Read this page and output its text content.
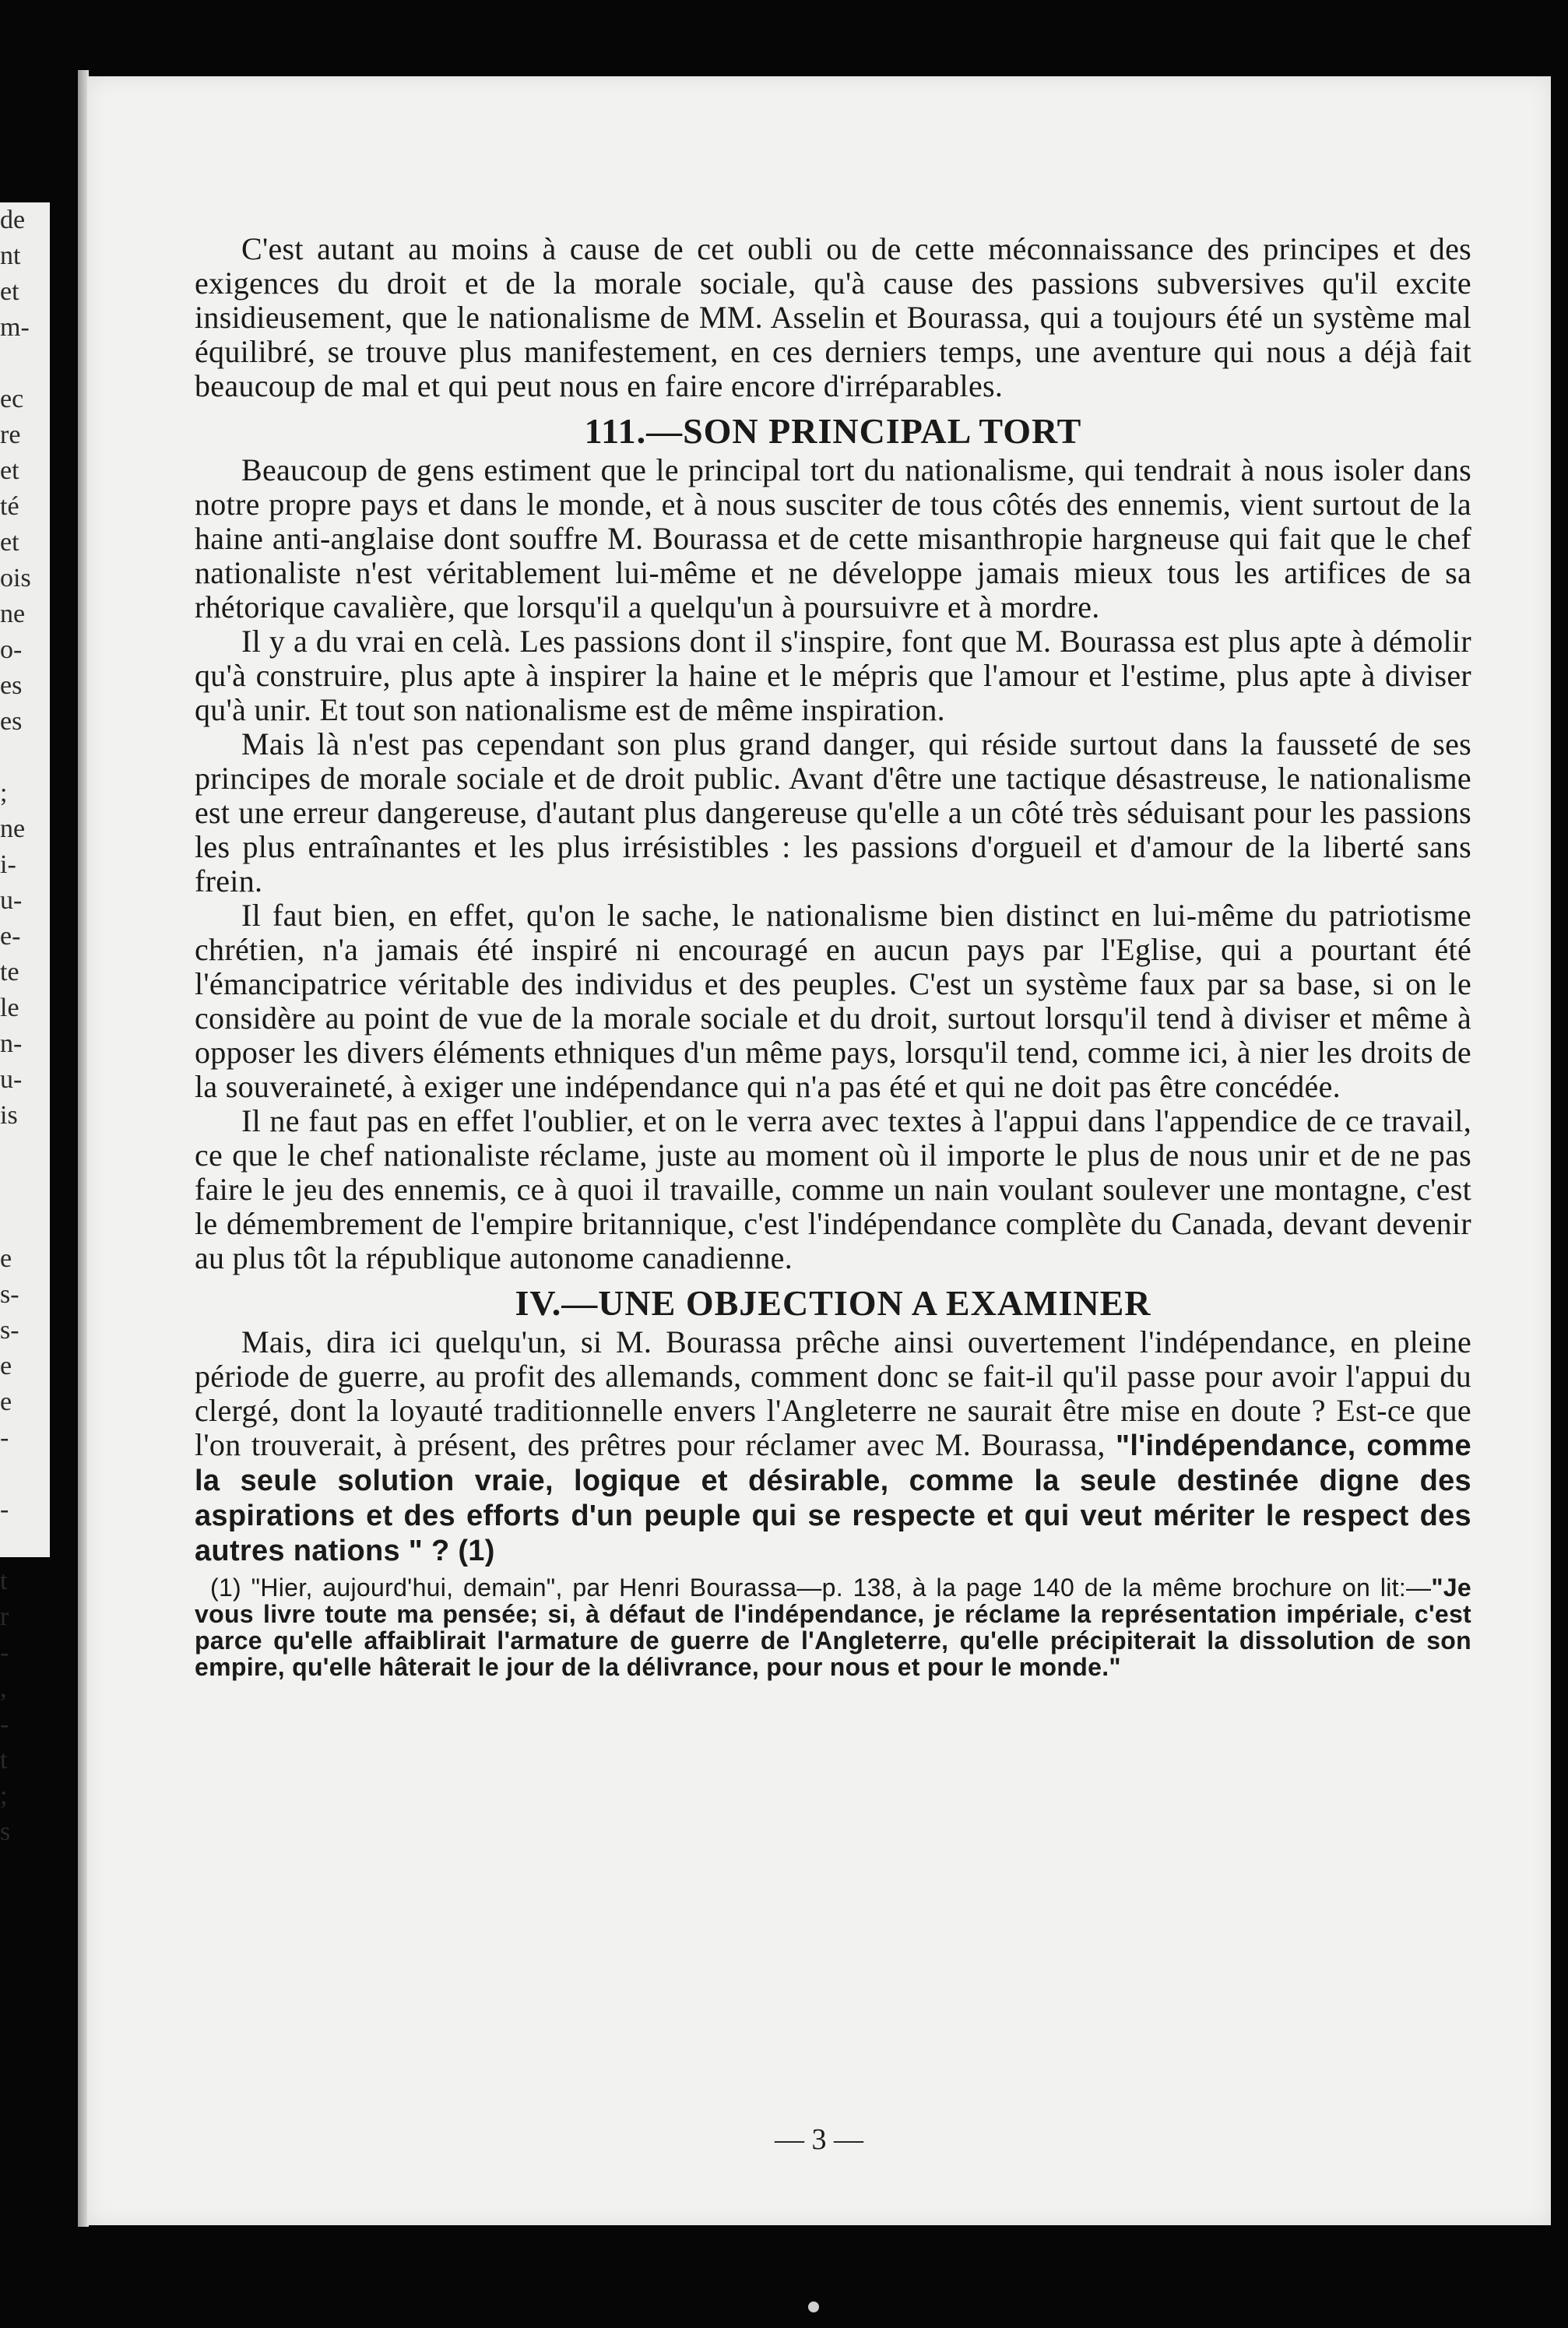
de
nt
et
m-
ec
re
et
té
et
ois
ne
o-
es
es
;
ne
i-
u-
e-
te
le
n-
u-
is
e
s-
s-
e
e
-
-
t
r
-
,
-
t
;
s

C'est autant au moins à cause de cet oubli ou de cette méconnaissance des principes et des exigences du droit et de la morale sociale, qu'à cause des passions subversives qu'il excite insidieusement, que le nationalisme de MM. Asselin et Bourassa, qui a toujours été un système mal équilibré, se trouve plus manifestement, en ces derniers temps, une aventure qui nous a déjà fait beaucoup de mal et qui peut nous en faire encore d'irréparables.

111.—SON PRINCIPAL TORT

Beaucoup de gens estiment que le principal tort du nationalisme, qui tendrait à nous isoler dans notre propre pays et dans le monde, et à nous susciter de tous côtés des ennemis, vient surtout de la haine anti-anglaise dont souffre M. Bourassa et de cette misanthropie hargneuse qui fait que le chef nationaliste n'est véritablement lui-même et ne développe jamais mieux tous les artifices de sa rhétorique cavalière, que lorsqu'il a quelqu'un à poursuivre et à mordre.

Il y a du vrai en celà. Les passions dont il s'inspire, font que M. Bourassa est plus apte à démolir qu'à construire, plus apte à inspirer la haine et le mépris que l'amour et l'estime, plus apte à diviser qu'à unir. Et tout son nationalisme est de même inspiration.

Mais là n'est pas cependant son plus grand danger, qui réside surtout dans la fausseté de ses principes de morale sociale et de droit public. Avant d'être une tactique désastreuse, le nationalisme est une erreur dangereuse, d'autant plus dangereuse qu'elle a un côté très séduisant pour les passions les plus entraînantes et les plus irrésistibles : les passions d'orgueil et d'amour de la liberté sans frein.

Il faut bien, en effet, qu'on le sache, le nationalisme bien distinct en lui-même du patriotisme chrétien, n'a jamais été inspiré ni encouragé en aucun pays par l'Eglise, qui a pourtant été l'émancipatrice véritable des individus et des peuples. C'est un système faux par sa base, si on le considère au point de vue de la morale sociale et du droit, surtout lorsqu'il tend à diviser et même à opposer les divers éléments ethniques d'un même pays, lorsqu'il tend, comme ici, à nier les droits de la souveraineté, à exiger une indépendance qui n'a pas été et qui ne doit pas être concédée.

Il ne faut pas en effet l'oublier, et on le verra avec textes à l'appui dans l'appendice de ce travail, ce que le chef nationaliste réclame, juste au moment où il importe le plus de nous unir et de ne pas faire le jeu des ennemis, ce à quoi il travaille, comme un nain voulant soulever une montagne, c'est le démembrement de l'empire britannique, c'est l'indépendance complète du Canada, devant devenir au plus tôt la république autonome canadienne.

IV.—UNE OBJECTION A EXAMINER

Mais, dira ici quelqu'un, si M. Bourassa prêche ainsi ouvertement l'indépendance, en pleine période de guerre, au profit des allemands, comment donc se fait-il qu'il passe pour avoir l'appui du clergé, dont la loyauté traditionnelle envers l'Angleterre ne saurait être mise en doute ? Est-ce que l'on trouverait, à présent, des prêtres pour réclamer avec M. Bourassa, "l'indépendance, comme la seule solution vraie, logique et désirable, comme la seule destinée digne des aspirations et des efforts d'un peuple qui se respecte et qui veut mériter le respect des autres nations " ? (1)

(1) "Hier, aujourd'hui, demain", par Henri Bourassa—p. 138, à la page 140 de la même brochure on lit:—"Je vous livre toute ma pensée; si, à défaut de l'indépendance, je réclame la représentation impériale, c'est parce qu'elle affaiblirait l'armature de guerre de l'Angleterre, qu'elle précipiterait la dissolution de son empire, qu'elle hâterait le jour de la délivrance, pour nous et pour le monde."

— 3 —
